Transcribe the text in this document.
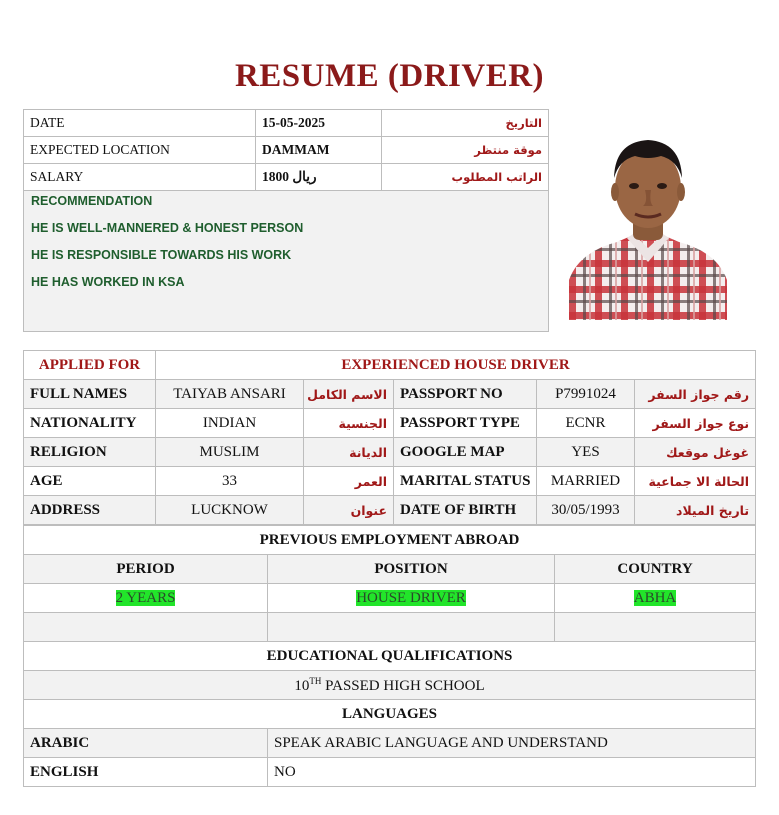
RESUME (DRIVER)
DATE	15-05-2025	التاريخ
EXPECTED LOCATION	DAMMAM	موقة منتظر
SALARY	1800 ريال	الراتب المطلوب

RECOMMENDATION
HE IS WELL-MANNERED & HONEST PERSON
HE IS RESPONSIBLE TOWARDS HIS WORK
HE HAS WORKED IN KSA		
APPLIED FOR	EXPERIENCED HOUSE DRIVER				
FULL NAMES	TAIYAB ANSARI	الاسم الكامل	PASSPORT NO	P7991024	رقم جواز السفر
NATIONALITY	INDIAN	الجنسية	PASSPORT TYPE	ECNR	نوع جواز السفر
RELIGION	MUSLIM	الديانة	GOOGLE MAP	YES	غوغل موقعك
AGE	33	العمر	MARITAL STATUS	MARRIED	الحالة الا جماعية
ADDRESS	LUCKNOW	عنوان	DATE OF BIRTH	30/05/1993	تاريخ الميلاد
PREVIOUS EMPLOYMENT ABROAD		
PERIOD	POSITION	COUNTRY
2 YEARS	HOUSE DRIVER	ABHA

EDUCATIONAL QUALIFICATIONS		
10TH PASSED HIGH SCHOOL		
LANGUAGES		
ARABIC	SPEAK ARABIC LANGUAGE AND UNDERSTAND	
ENGLISH	NO	
